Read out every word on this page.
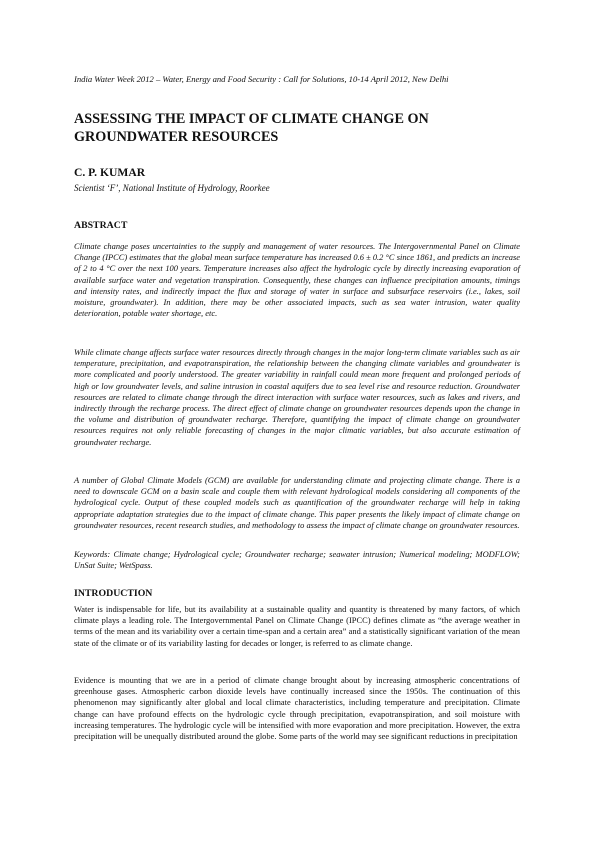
India Water Week 2012 – Water, Energy and Food Security : Call for Solutions, 10-14 April 2012, New Delhi
ASSESSING THE IMPACT OF CLIMATE CHANGE ON GROUNDWATER RESOURCES
C. P. KUMAR
Scientist ‘F’, National Institute of Hydrology, Roorkee
ABSTRACT

Climate change poses uncertainties to the supply and management of water resources. The Intergovernmental Panel on Climate Change (IPCC) estimates that the global mean surface temperature has increased 0.6 ± 0.2 °C since 1861, and predicts an increase of 2 to 4 °C over the next 100 years. Temperature increases also affect the hydrologic cycle by directly increasing evaporation of available surface water and vegetation transpiration. Consequently, these changes can influence precipitation amounts, timings and intensity rates, and indirectly impact the flux and storage of water in surface and subsurface reservoirs (i.e., lakes, soil moisture, groundwater). In addition, there may be other associated impacts, such as sea water intrusion, water quality deterioration, potable water shortage, etc.

While climate change affects surface water resources directly through changes in the major long-term climate variables such as air temperature, precipitation, and evapotranspiration, the relationship between the changing climate variables and groundwater is more complicated and poorly understood. The greater variability in rainfall could mean more frequent and prolonged periods of high or low groundwater levels, and saline intrusion in coastal aquifers due to sea level rise and resource reduction. Groundwater resources are related to climate change through the direct interaction with surface water resources, such as lakes and rivers, and indirectly through the recharge process. The direct effect of climate change on groundwater resources depends upon the change in the volume and distribution of groundwater recharge. Therefore, quantifying the impact of climate change on groundwater resources requires not only reliable forecasting of changes in the major climatic variables, but also accurate estimation of groundwater recharge.

A number of Global Climate Models (GCM) are available for understanding climate and projecting climate change. There is a need to downscale GCM on a basin scale and couple them with relevant hydrological models considering all components of the hydrological cycle. Output of these coupled models such as quantification of the groundwater recharge will help in taking appropriate adaptation strategies due to the impact of climate change. This paper presents the likely impact of climate change on groundwater resources, recent research studies, and methodology to assess the impact of climate change on groundwater resources.

Keywords: Climate change; Hydrological cycle; Groundwater recharge; seawater intrusion; Numerical modeling; MODFLOW; UnSat Suite; WetSpass.

INTRODUCTION

Water is indispensable for life, but its availability at a sustainable quality and quantity is threatened by many factors, of which climate plays a leading role. The Intergovernmental Panel on Climate Change (IPCC) defines climate as “the average weather in terms of the mean and its variability over a certain time-span and a certain area” and a statistically significant variation of the mean state of the climate or of its variability lasting for decades or longer, is referred to as climate change.

Evidence is mounting that we are in a period of climate change brought about by increasing atmospheric concentrations of greenhouse gases. Atmospheric carbon dioxide levels have continually increased since the 1950s. The continuation of this phenomenon may significantly alter global and local climate characteristics, including temperature and precipitation. Climate change can have profound effects on the hydrologic cycle through precipitation, evapotranspiration, and soil moisture with increasing temperatures. The hydrologic cycle will be intensified with more evaporation and more precipitation. However, the extra precipitation will be unequally distributed around the globe. Some parts of the world may see significant reductions in precipitation
